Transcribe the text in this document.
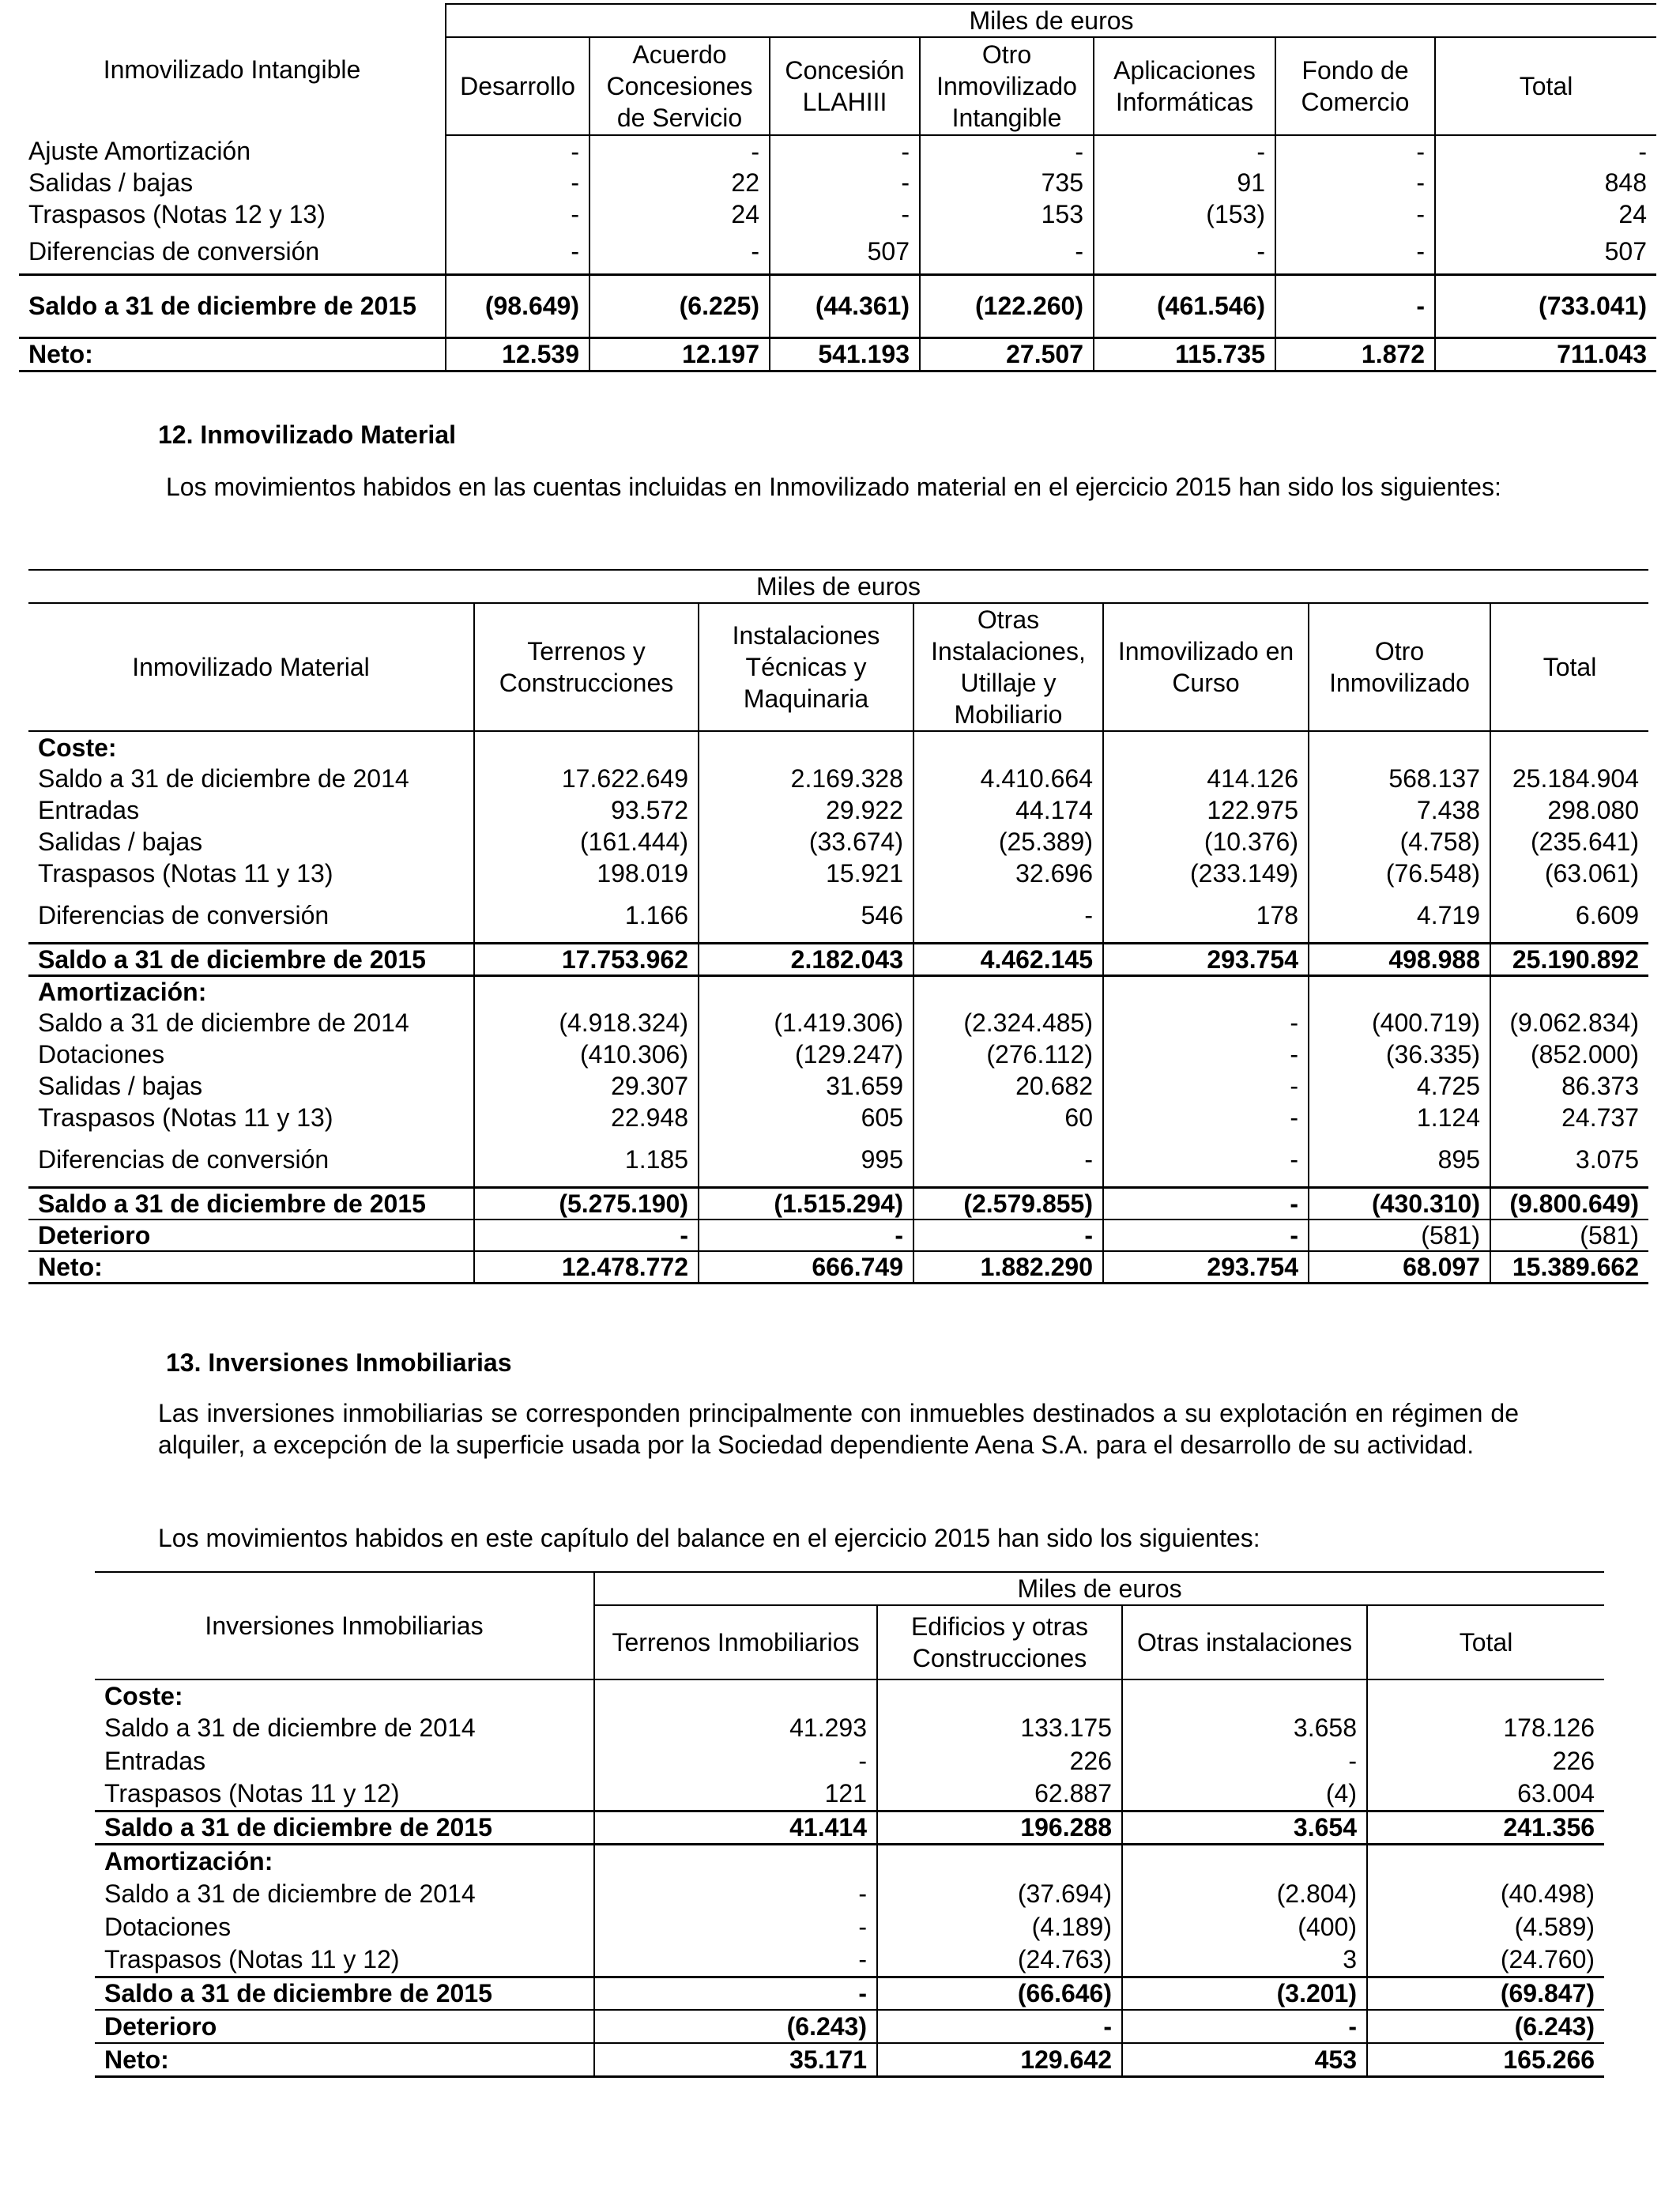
Inmovilizado Intangible	Miles de euros						
	Desarrollo	Acuerdo Concesiones de Servicio	Concesión LLAHIII	Otro Inmovilizado Intangible	Aplicaciones Informáticas	Fondo de Comercio	Total
Ajuste Amortización	-	-	-	-	-	-	-
Salidas / bajas	-	22	-	735	91	-	848
Traspasos (Notas 12 y 13)	-	24	-	153	(153)	-	24
Diferencias de conversión	-	-	507	-	-	-	507
Saldo a 31 de diciembre de 2015	(98.649)	(6.225)	(44.361)	(122.260)	(461.546)	-	(733.041)
Neto:	12.539	12.197	541.193	27.507	115.735	1.872	711.043
12. Inmovilizado Material
Los movimientos habidos en las cuentas incluidas en Inmovilizado material en el ejercicio 2015 han sido los siguientes:
Miles de euros						
Inmovilizado Material	Terrenos y Construcciones	Instalaciones Técnicas y Maquinaria	Otras Instalaciones, Utillaje y Mobiliario	Inmovilizado en Curso	Otro Inmovilizado	Total
Coste:						
Saldo a 31 de diciembre de 2014	17.622.649	2.169.328	4.410.664	414.126	568.137	25.184.904
Entradas	93.572	29.922	44.174	122.975	7.438	298.080
Salidas / bajas	(161.444)	(33.674)	(25.389)	(10.376)	(4.758)	(235.641)
Traspasos (Notas 11 y 13)	198.019	15.921	32.696	(233.149)	(76.548)	(63.061)
Diferencias de conversión	1.166	546	-	178	4.719	6.609
Saldo a 31 de diciembre de 2015	17.753.962	2.182.043	4.462.145	293.754	498.988	25.190.892
Amortización:						
Saldo a 31 de diciembre de 2014	(4.918.324)	(1.419.306)	(2.324.485)	-	(400.719)	(9.062.834)
Dotaciones	(410.306)	(129.247)	(276.112)	-	(36.335)	(852.000)
Salidas / bajas	29.307	31.659	20.682	-	4.725	86.373
Traspasos (Notas 11 y 13)	22.948	605	60	-	1.124	24.737
Diferencias de conversión	1.185	995	-	-	895	3.075
Saldo a 31 de diciembre de 2015	(5.275.190)	(1.515.294)	(2.579.855)	-	(430.310)	(9.800.649)
Deterioro	-	-	-	-	(581)	(581)
Neto:	12.478.772	666.749	1.882.290	293.754	68.097	15.389.662
13. Inversiones Inmobiliarias
Las inversiones inmobiliarias se corresponden principalmente con inmuebles destinados a su explotación en régimen de alquiler, a excepción de la superficie usada por la Sociedad dependiente Aena S.A. para el desarrollo de su actividad.
Los movimientos habidos en este capítulo del balance en el ejercicio 2015 han sido los siguientes:
Inversiones Inmobiliarias	Miles de euros			
	Terrenos Inmobiliarios	Edificios y otras Construcciones	Otras instalaciones	Total
Coste:				
Saldo a 31 de diciembre de 2014	41.293	133.175	3.658	178.126
Entradas	-	226	-	226
Traspasos (Notas 11 y 12)	121	62.887	(4)	63.004
Saldo a 31 de diciembre de 2015	41.414	196.288	3.654	241.356
Amortización:				
Saldo a 31 de diciembre de 2014	-	(37.694)	(2.804)	(40.498)
Dotaciones	-	(4.189)	(400)	(4.589)
Traspasos (Notas 11 y 12)	-	(24.763)	3	(24.760)
Saldo a 31 de diciembre de 2015	-	(66.646)	(3.201)	(69.847)
Deterioro	(6.243)	-	-	(6.243)
Neto:	35.171	129.642	453	165.266
